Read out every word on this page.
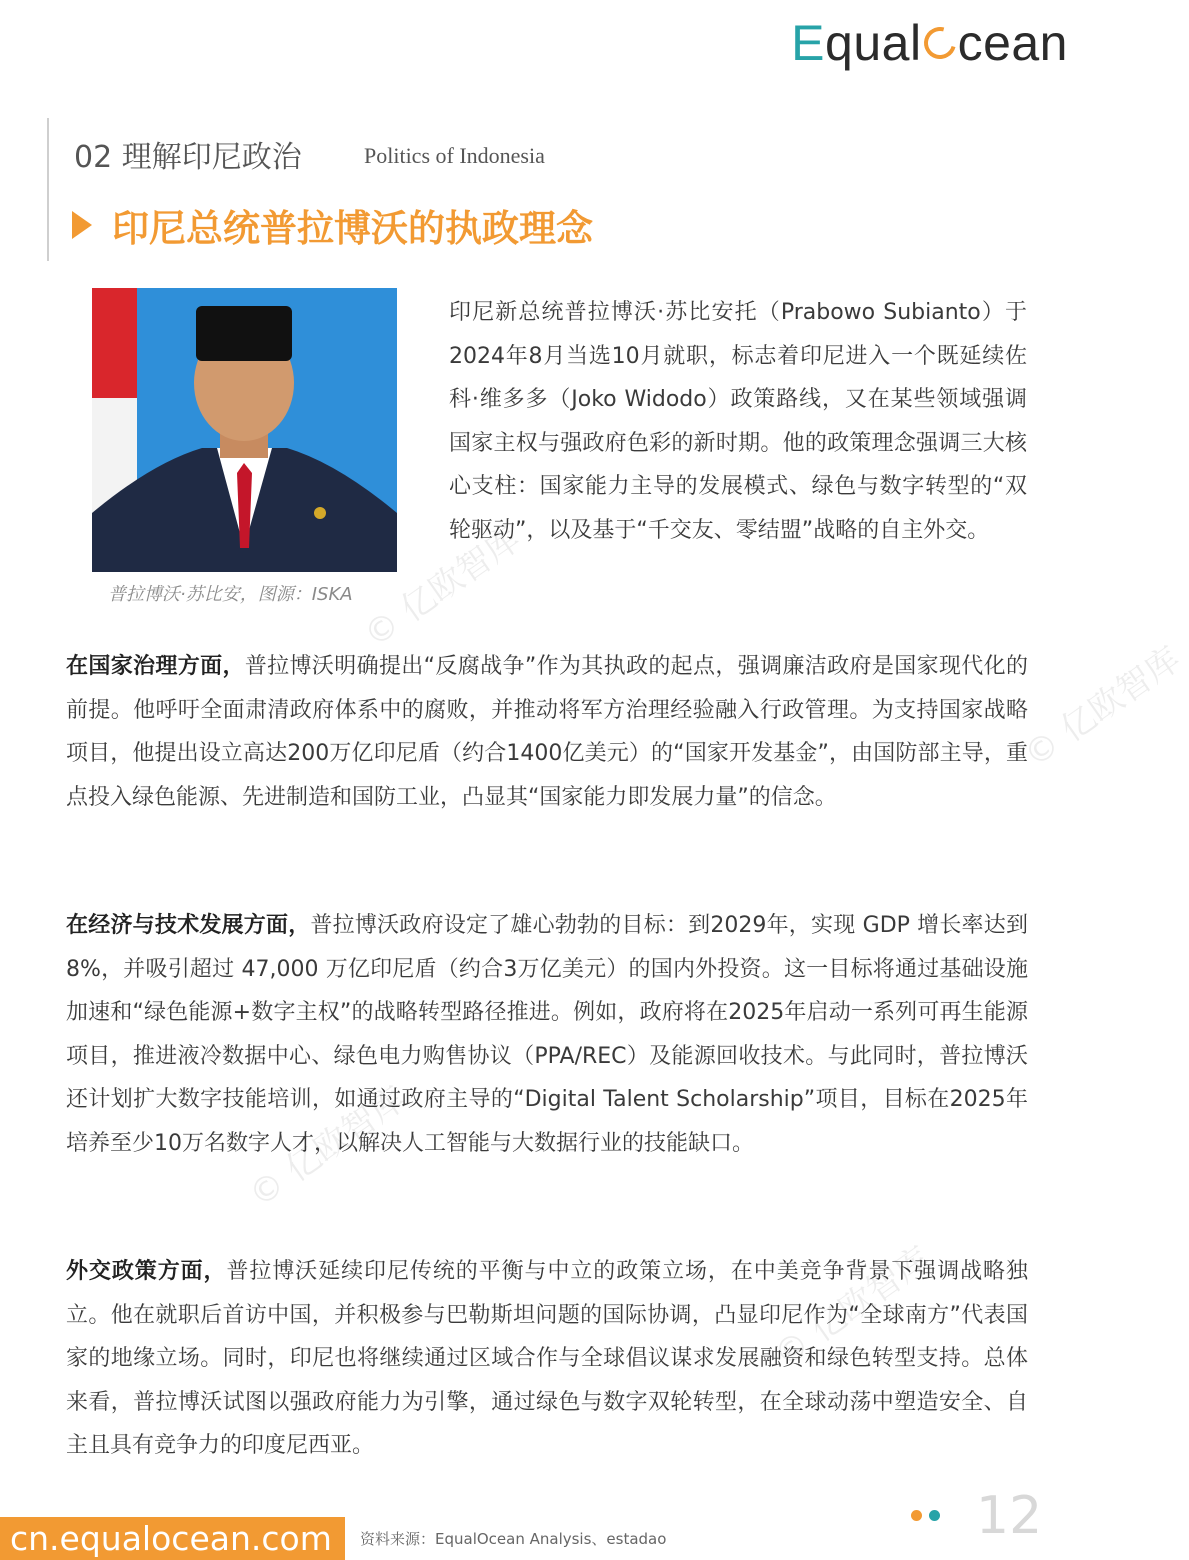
E qual cean
02 理解印尼政治	Politics of Indonesia
印尼总统普拉博沃的执政理念
普拉博沃·苏比安，图源：ISKA
印尼新总统普拉博沃·苏比安托（Prabowo Subianto）于2024年8月当选10月就职，标志着印尼进入一个既延续佐科·维多多（Joko Widodo）政策路线，又在某些领域强调国家主权与强政府色彩的新时期。他的政策理念强调三大核心支柱：国家能力主导的发展模式、绿色与数字转型的“双轮驱动”，以及基于“千交友、零结盟”战略的自主外交。
在国家治理方面，普拉博沃明确提出“反腐战争”作为其执政的起点，强调廉洁政府是国家现代化的前提。他呼吁全面肃清政府体系中的腐败，并推动将军方治理经验融入行政管理。为支持国家战略项目，他提出设立高达200万亿印尼盾（约合1400亿美元）的“国家开发基金”，由国防部主导，重点投入绿色能源、先进制造和国防工业，凸显其“国家能力即发展力量”的信念。
在经济与技术发展方面，普拉博沃政府设定了雄心勃勃的目标：到2029年，实现 GDP 增长率达到 8%，并吸引超过 47,000 万亿印尼盾（约合3万亿美元）的国内外投资。这一目标将通过基础设施加速和“绿色能源+数字主权”的战略转型路径推进。例如，政府将在2025年启动一系列可再生能源项目，推进液冷数据中心、绿色电力购售协议（PPA/REC）及能源回收技术。与此同时，普拉博沃还计划扩大数字技能培训，如通过政府主导的“Digital Talent Scholarship”项目，目标在2025年培养至少10万名数字人才，以解决人工智能与大数据行业的技能缺口。
外交政策方面，普拉博沃延续印尼传统的平衡与中立的政策立场，在中美竞争背景下强调战略独立。他在就职后首访中国，并积极参与巴勒斯坦问题的国际协调，凸显印尼作为“全球南方”代表国家的地缘立场。同时，印尼也将继续通过区域合作与全球倡议谋求发展融资和绿色转型支持。总体来看，普拉博沃试图以强政府能力为引擎，通过绿色与数字双轮转型，在全球动荡中塑造安全、自主且具有竞争力的印度尼西亚。
© 亿欧智库
© 亿欧智库
© 亿欧智库
© 亿欧智库
cn.equalocean.com	资料来源：EqualOcean Analysis、estadao	12
